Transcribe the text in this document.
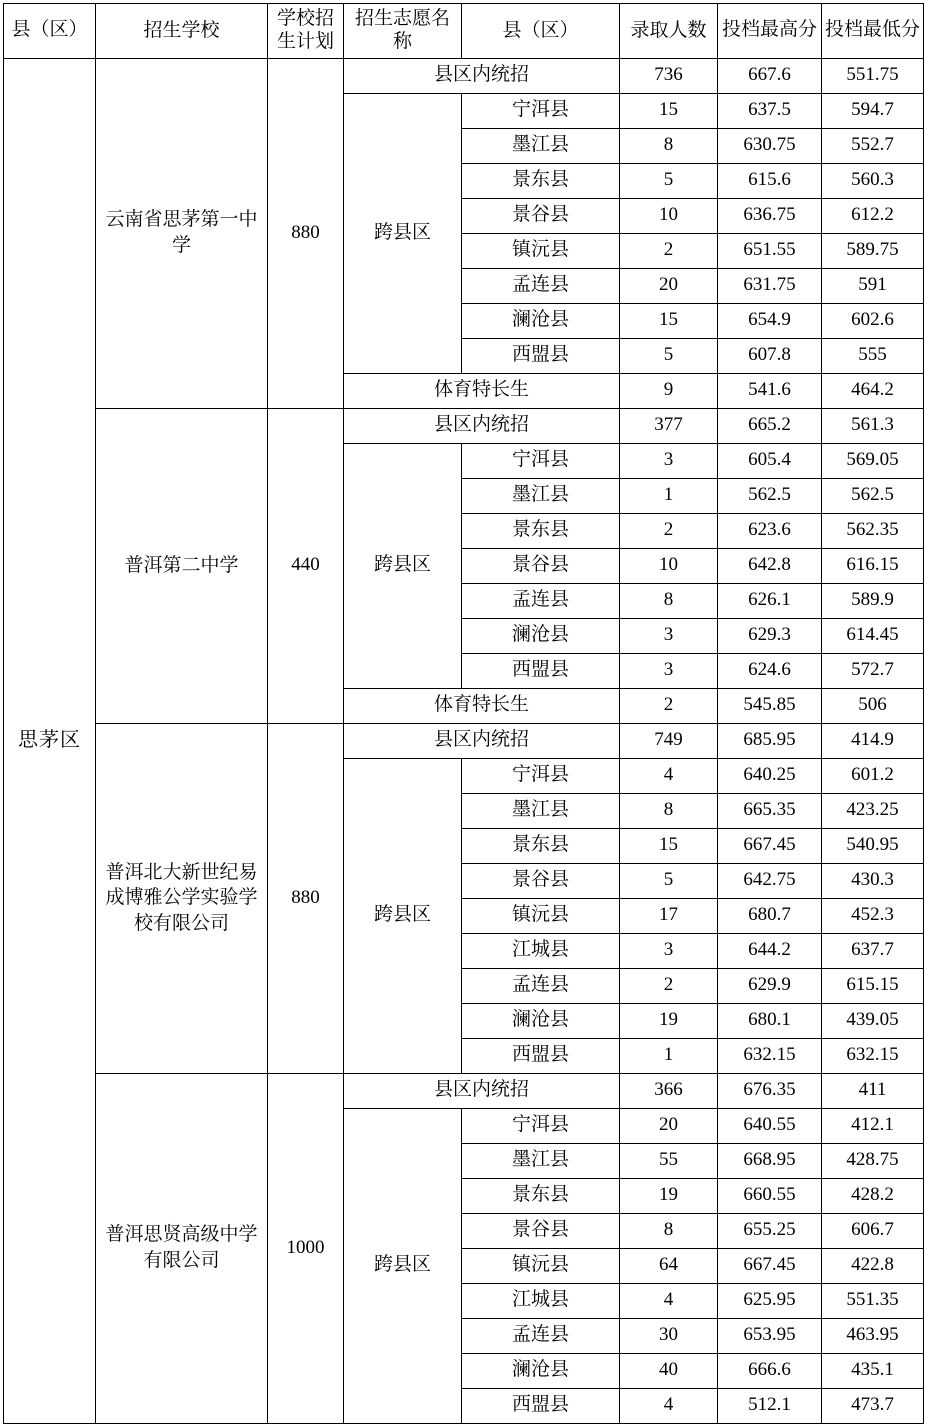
县（区）	招生学校	学校招生计划	招生志愿名称	县（区）	录取人数	投档最高分	投档最低分
思茅区	云南省思茅第一中学	880	县区内统招		736	667.6	551.75
			跨县区	宁洱县	15	637.5	594.7
				墨江县	8	630.75	552.7
				景东县	5	615.6	560.3
				景谷县	10	636.75	612.2
				镇沅县	2	651.55	589.75
				孟连县	20	631.75	591
				澜沧县	15	654.9	602.6
				西盟县	5	607.8	555
			体育特长生		9	541.6	464.2
	普洱第二中学	440	县区内统招		377	665.2	561.3
			跨县区	宁洱县	3	605.4	569.05
				墨江县	1	562.5	562.5
				景东县	2	623.6	562.35
				景谷县	10	642.8	616.15
				孟连县	8	626.1	589.9
				澜沧县	3	629.3	614.45
				西盟县	3	624.6	572.7
			体育特长生		2	545.85	506
	普洱北大新世纪易成博雅公学实验学校有限公司	880	县区内统招		749	685.95	414.9
			跨县区	宁洱县	4	640.25	601.2
				墨江县	8	665.35	423.25
				景东县	15	667.45	540.95
				景谷县	5	642.75	430.3
				镇沅县	17	680.7	452.3
				江城县	3	644.2	637.7
				孟连县	2	629.9	615.15
				澜沧县	19	680.1	439.05
				西盟县	1	632.15	632.15
	普洱思贤高级中学有限公司	1000	县区内统招		366	676.35	411
			跨县区	宁洱县	20	640.55	412.1
				墨江县	55	668.95	428.75
				景东县	19	660.55	428.2
				景谷县	8	655.25	606.7
				镇沅县	64	667.45	422.8
				江城县	4	625.95	551.35
				孟连县	30	653.95	463.95
				澜沧县	40	666.6	435.1
				西盟县	4	512.1	473.7
